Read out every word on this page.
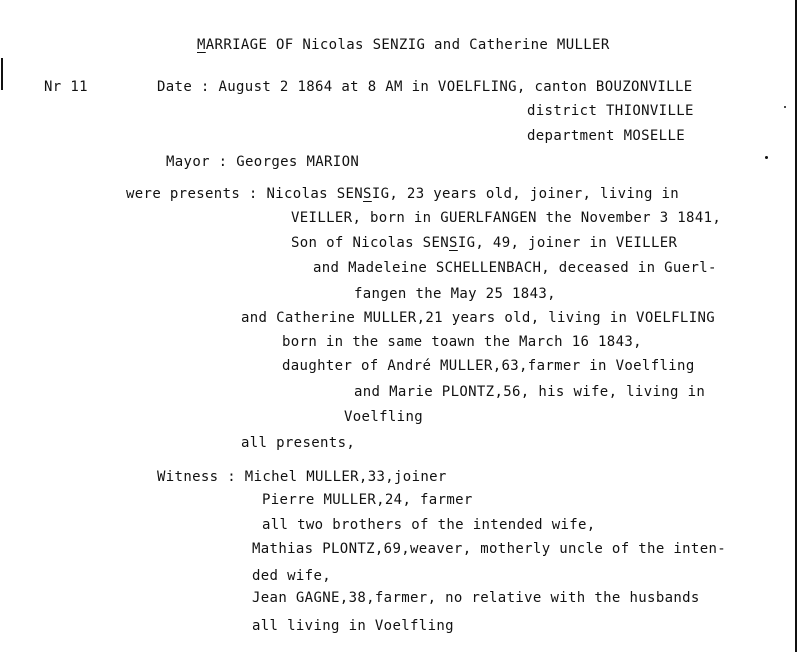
MARRIAGE OF Nicolas SENZIG and Catherine MULLER
Nr 11	Date : August 2 1864 at 8 AM in VOELFLING, canton BOUZONVILLE
district THIONVILLE
department MOSELLE
Mayor : Georges MARION
were presents : Nicolas SENSIG, 23 years old, joiner, living in
VEILLER, born in GUERLFANGEN the November 3 1841,
Son of Nicolas SENSIG, 49, joiner in VEILLER
and Madeleine SCHELLENBACH, deceased in Guerl-
fangen the May 25 1843,
and Catherine MULLER,21 years old, living in VOELFLING
born in the same toawn the March 16 1843,
daughter of André MULLER,63,farmer in Voelfling
and Marie PLONTZ,56, his wife, living in
Voelfling
all presents,
Witness : Michel MULLER,33,joiner
Pierre MULLER,24, farmer
all two brothers of the intended wife,
Mathias PLONTZ,69,weaver, motherly uncle of the inten-
ded wife,
Jean GAGNE,38,farmer, no relative with the husbands
all living in Voelfling
